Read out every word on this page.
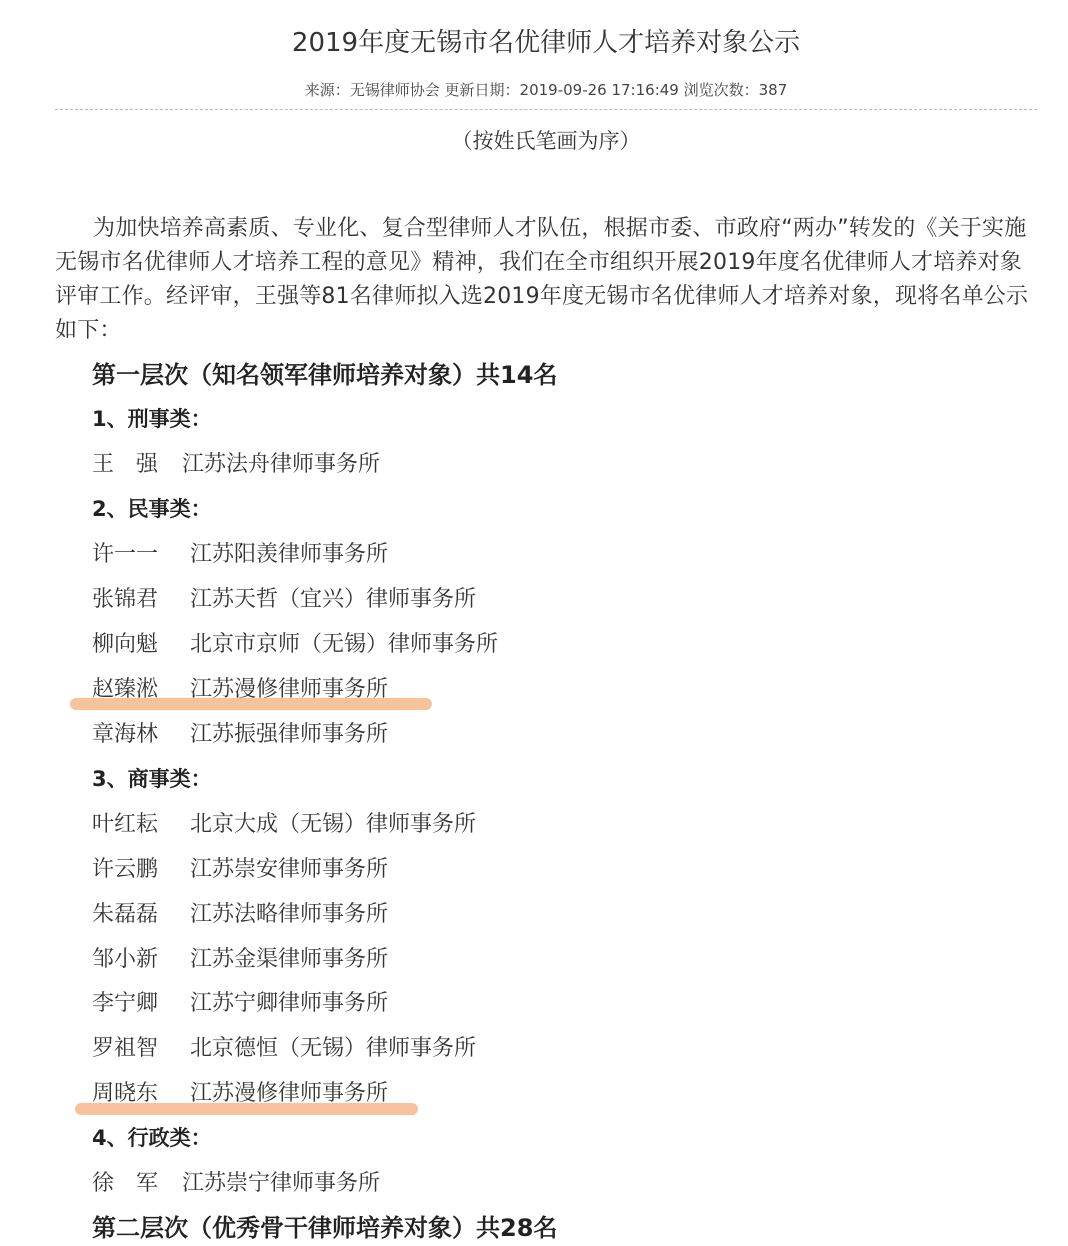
2019年度无锡市名优律师人才培养对象公示
来源：无锡律师协会 更新日期：2019-09-26 17:16:49 浏览次数：387
（按姓氏笔画为序）
为加快培养高素质、专业化、复合型律师人才队伍，根据市委、市政府“两办”转发的《关于实施无锡市名优律师人才培养工程的意见》精神，我们在全市组织开展2019年度名优律师人才培养对象评审工作。经评审，王强等81名律师拟入选2019年度无锡市名优律师人才培养对象，现将名单公示如下：
第一层次（知名领军律师培养对象）共14名
1、刑事类：
王　强 江苏法舟律师事务所
2、民事类：
许一一 江苏阳羡律师事务所
张锦君 江苏天哲（宜兴）律师事务所
柳向魁 北京市京师（无锡）律师事务所
赵臻淞 江苏漫修律师事务所
章海林 江苏振强律师事务所
3、商事类：
叶红耘 北京大成（无锡）律师事务所
许云鹏 江苏崇安律师事务所
朱磊磊 江苏法略律师事务所
邹小新 江苏金渠律师事务所
李宁卿 江苏宁卿律师事务所
罗祖智 北京德恒（无锡）律师事务所
周晓东 江苏漫修律师事务所
4、行政类：
徐　军 江苏崇宁律师事务所
第二层次（优秀骨干律师培养对象）共28名
